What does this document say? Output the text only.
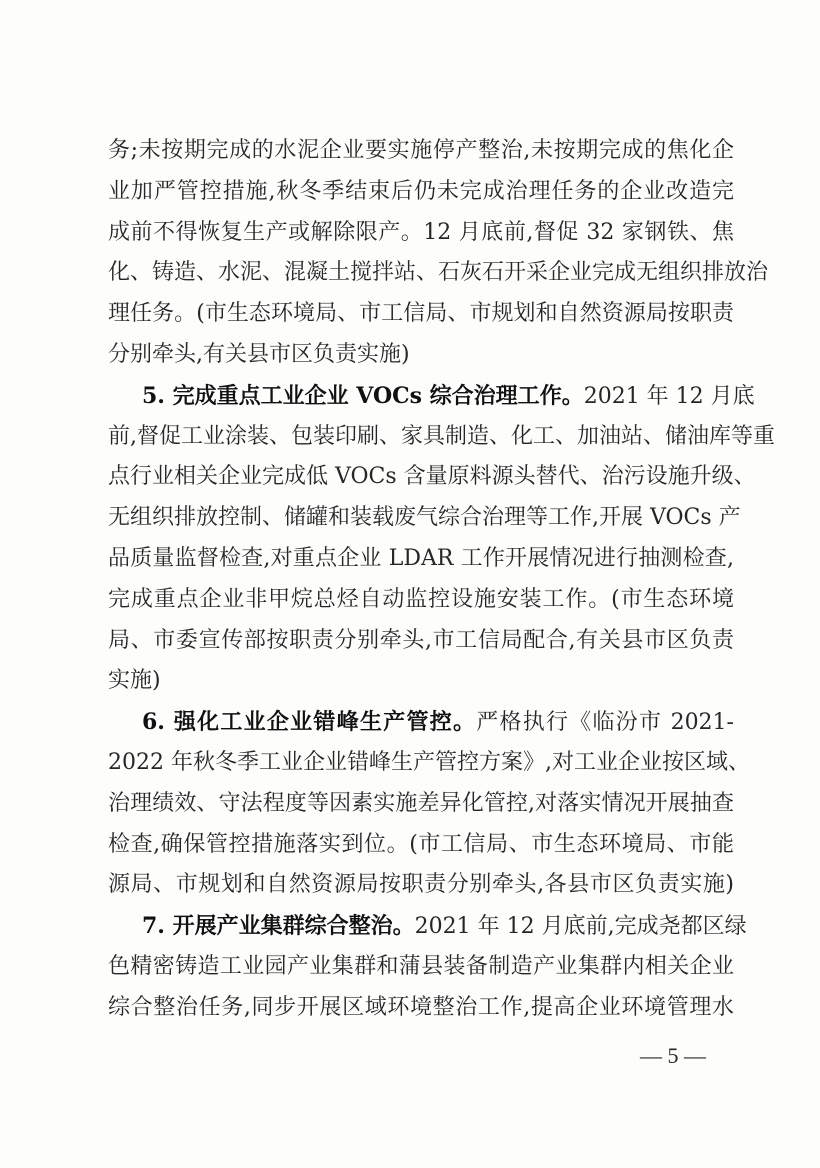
务;未按期完成的水泥企业要实施停产整治,未按期完成的焦化企
业加严管控措施,秋冬季结束后仍未完成治理任务的企业改造完
成前不得恢复生产或解除限产。12 月底前,督促 32 家钢铁、焦
化、铸造、水泥、混凝土搅拌站、石灰石开采企业完成无组织排放治
理任务。(市生态环境局、市工信局、市规划和自然资源局按职责
分别牵头,有关县市区负责实施)
5. 完成重点工业企业 VOCs 综合治理工作。2021 年 12 月底
前,督促工业涂装、包装印刷、家具制造、化工、加油站、储油库等重
点行业相关企业完成低 VOCs 含量原料源头替代、治污设施升级、
无组织排放控制、储罐和装载废气综合治理等工作,开展 VOCs 产
品质量监督检查,对重点企业 LDAR 工作开展情况进行抽测检查,
完成重点企业非甲烷总烃自动监控设施安装工作。(市生态环境
局、市委宣传部按职责分别牵头,市工信局配合,有关县市区负责
实施)
6. 强化工业企业错峰生产管控。严格执行《临汾市 2021-
2022 年秋冬季工业企业错峰生产管控方案》,对工业企业按区域、
治理绩效、守法程度等因素实施差异化管控,对落实情况开展抽查
检查,确保管控措施落实到位。(市工信局、市生态环境局、市能
源局、市规划和自然资源局按职责分别牵头,各县市区负责实施)
7. 开展产业集群综合整治。2021 年 12 月底前,完成尧都区绿
色精密铸造工业园产业集群和蒲县装备制造产业集群内相关企业
综合整治任务,同步开展区域环境整治工作,提高企业环境管理水
— 5 —
